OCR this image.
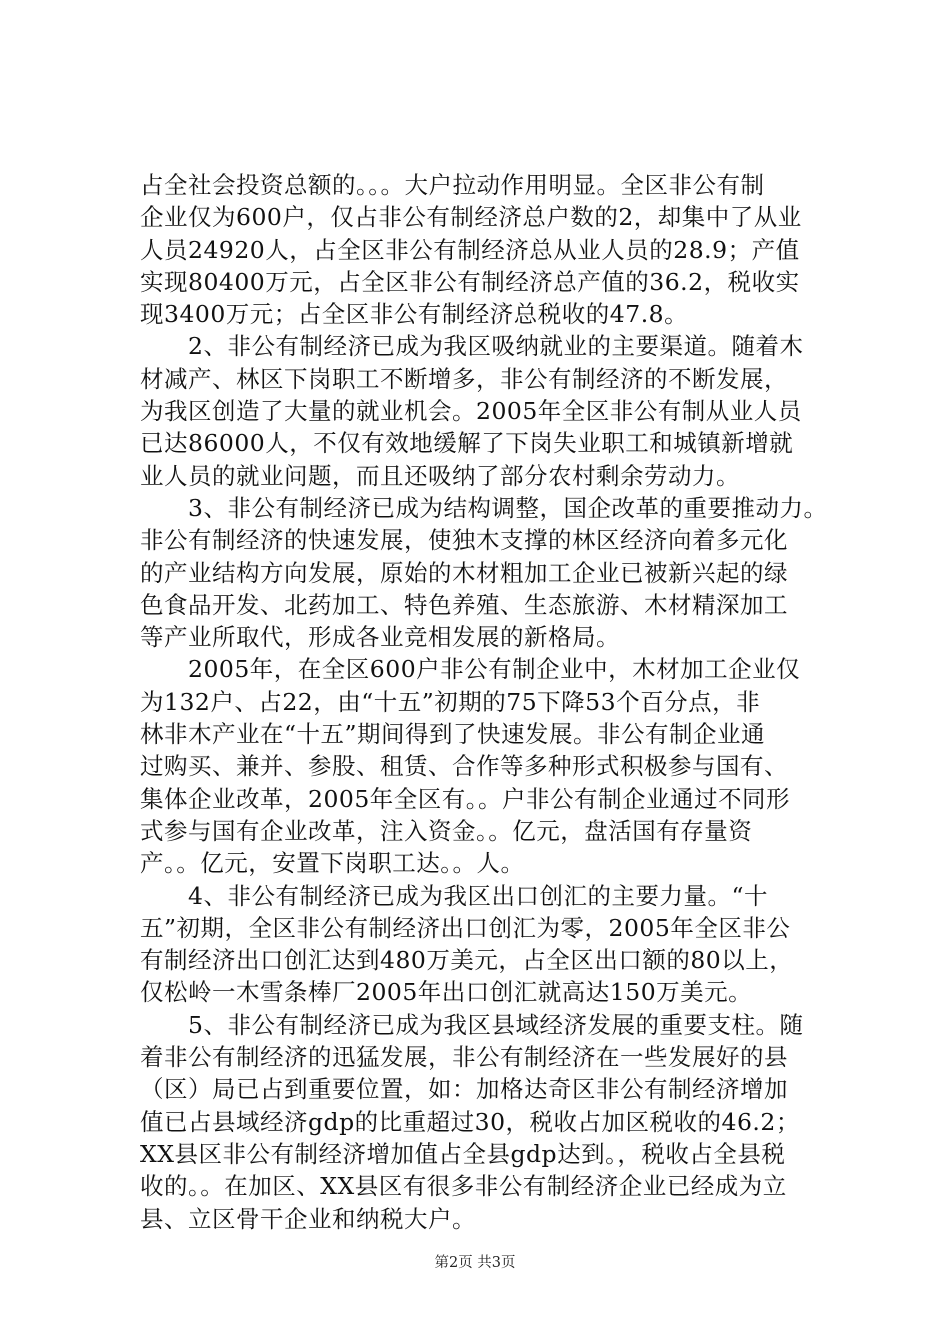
占全社会投资总额的。。。大户拉动作用明显。全区非公有制
企业仅为600户，仅占非公有制经济总户数的2，却集中了从业
人员24920人，占全区非公有制经济总从业人员的28.9；产值
实现80400万元，占全区非公有制经济总产值的36.2，税收实
现3400万元；占全区非公有制经济总税收的47.8。
　　2、非公有制经济已成为我区吸纳就业的主要渠道。随着木
材减产、林区下岗职工不断增多，非公有制经济的不断发展，
为我区创造了大量的就业机会。2005年全区非公有制从业人员
已达86000人，不仅有效地缓解了下岗失业职工和城镇新增就
业人员的就业问题，而且还吸纳了部分农村剩余劳动力。
　　3、非公有制经济已成为结构调整，国企改革的重要推动力。
非公有制经济的快速发展，使独木支撑的林区经济向着多元化
的产业结构方向发展，原始的木材粗加工企业已被新兴起的绿
色食品开发、北药加工、特色养殖、生态旅游、木材精深加工
等产业所取代，形成各业竞相发展的新格局。
　　2005年，在全区600户非公有制企业中，木材加工企业仅
为132户、占22，由“十五”初期的75下降53个百分点，非
林非木产业在“十五”期间得到了快速发展。非公有制企业通
过购买、兼并、参股、租赁、合作等多种形式积极参与国有、
集体企业改革，2005年全区有。。户非公有制企业通过不同形
式参与国有企业改革，注入资金。。亿元，盘活国有存量资
产。。亿元，安置下岗职工达。。人。
　　4、非公有制经济已成为我区出口创汇的主要力量。“十
五”初期，全区非公有制经济出口创汇为零，2005年全区非公
有制经济出口创汇达到480万美元，占全区出口额的80以上，
仅松岭一木雪条棒厂2005年出口创汇就高达150万美元。
　　5、非公有制经济已成为我区县域经济发展的重要支柱。随
着非公有制经济的迅猛发展，非公有制经济在一些发展好的县
（区）局已占到重要位置，如：加格达奇区非公有制经济增加
值已占县域经济gdp的比重超过30，税收占加区税收的46.2；
XX县区非公有制经济增加值占全县gdp达到。，税收占全县税
收的。。在加区、XX县区有很多非公有制经济企业已经成为立
县、立区骨干企业和纳税大户。
第2页 共3页
